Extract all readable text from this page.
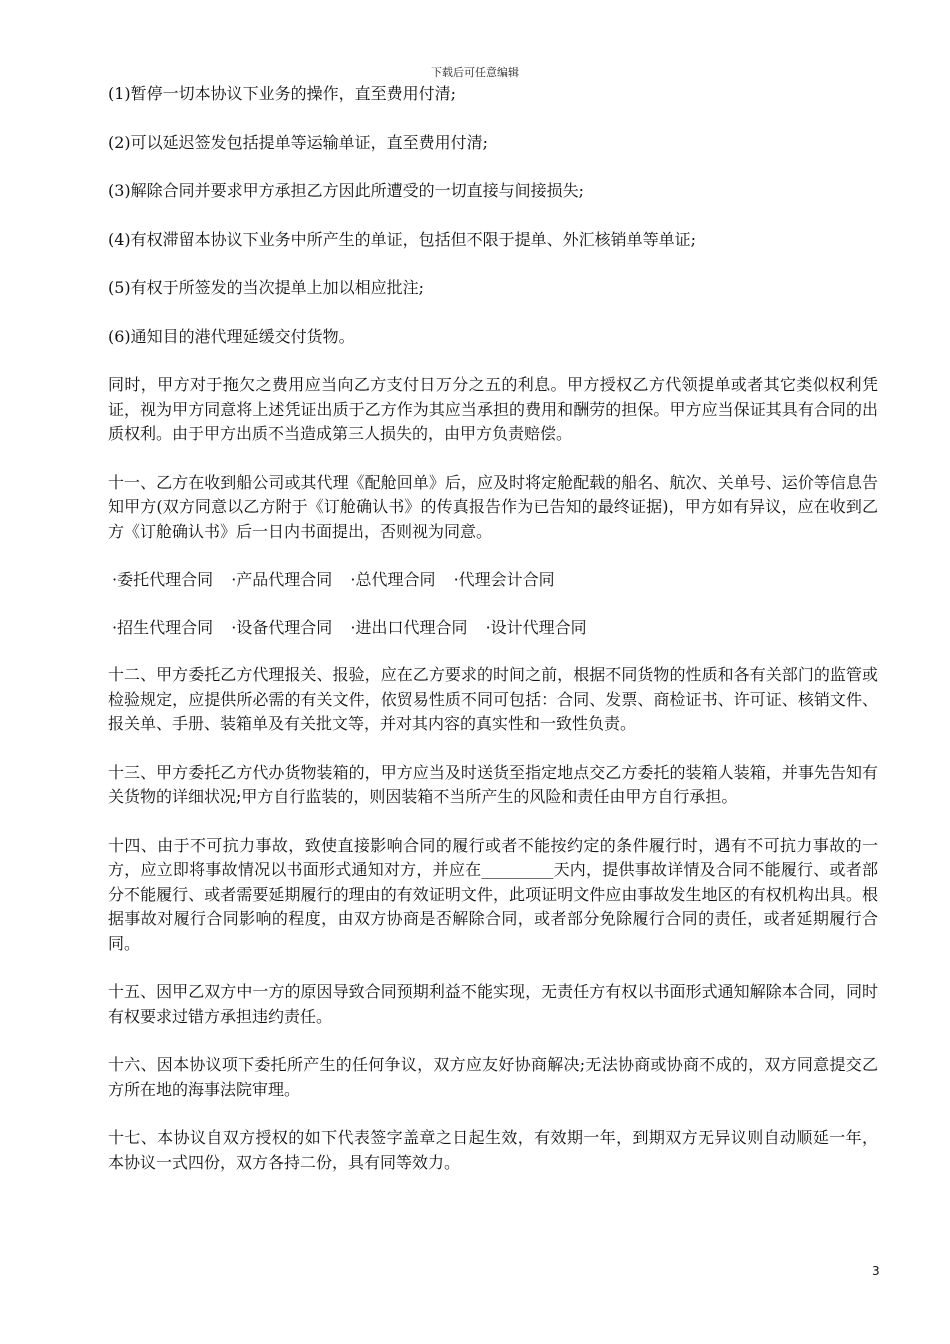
下载后可任意编辑
(1)暂停一切本协议下业务的操作，直至费用付清;
(2)可以延迟签发包括提单等运输单证，直至费用付清;
(3)解除合同并要求甲方承担乙方因此所遭受的一切直接与间接损失;
(4)有权滞留本协议下业务中所产生的单证，包括但不限于提单、外汇核销单等单证;
(5)有权于所签发的当次提单上加以相应批注;
(6)通知目的港代理延缓交付货物。
同时，甲方对于拖欠之费用应当向乙方支付日万分之五的利息。甲方授权乙方代领提单或者其它类似权利凭证，视为甲方同意将上述凭证出质于乙方作为其应当承担的费用和酬劳的担保。甲方应当保证其具有合同的出质权利。由于甲方出质不当造成第三人损失的，由甲方负责赔偿。
十一、乙方在收到船公司或其代理《配舱回单》后，应及时将定舱配载的船名、航次、关单号、运价等信息告知甲方(双方同意以乙方附于《订舱确认书》的传真报告作为已告知的最终证据)，甲方如有异议，应在收到乙方《订舱确认书》后一日内书面提出，否则视为同意。
·委托代理合同 ·产品代理合同 ·总代理合同 ·代理会计合同
·招生代理合同 ·设备代理合同 ·进出口代理合同 ·设计代理合同
十二、甲方委托乙方代理报关、报验，应在乙方要求的时间之前，根据不同货物的性质和各有关部门的监管或检验规定，应提供所必需的有关文件，依贸易性质不同可包括：合同、发票、商检证书、许可证、核销文件、报关单、手册、装箱单及有关批文等，并对其内容的真实性和一致性负责。
十三、甲方委托乙方代办货物装箱的，甲方应当及时送货至指定地点交乙方委托的装箱人装箱，并事先告知有关货物的详细状况;甲方自行监装的，则因装箱不当所产生的风险和责任由甲方自行承担。
十四、由于不可抗力事故，致使直接影响合同的履行或者不能按约定的条件履行时，遇有不可抗力事故的一方，应立即将事故情况以书面形式通知对方，并应在_________天内，提供事故详情及合同不能履行、或者部分不能履行、或者需要延期履行的理由的有效证明文件，此项证明文件应由事故发生地区的有权机构出具。根据事故对履行合同影响的程度，由双方协商是否解除合同，或者部分免除履行合同的责任，或者延期履行合同。
十五、因甲乙双方中一方的原因导致合同预期利益不能实现，无责任方有权以书面形式通知解除本合同，同时有权要求过错方承担违约责任。
十六、因本协议项下委托所产生的任何争议，双方应友好协商解决;无法协商或协商不成的，双方同意提交乙方所在地的海事法院审理。
十七、本协议自双方授权的如下代表签字盖章之日起生效，有效期一年，到期双方无异议则自动顺延一年， 本协议一式四份，双方各持二份，具有同等效力。
3
